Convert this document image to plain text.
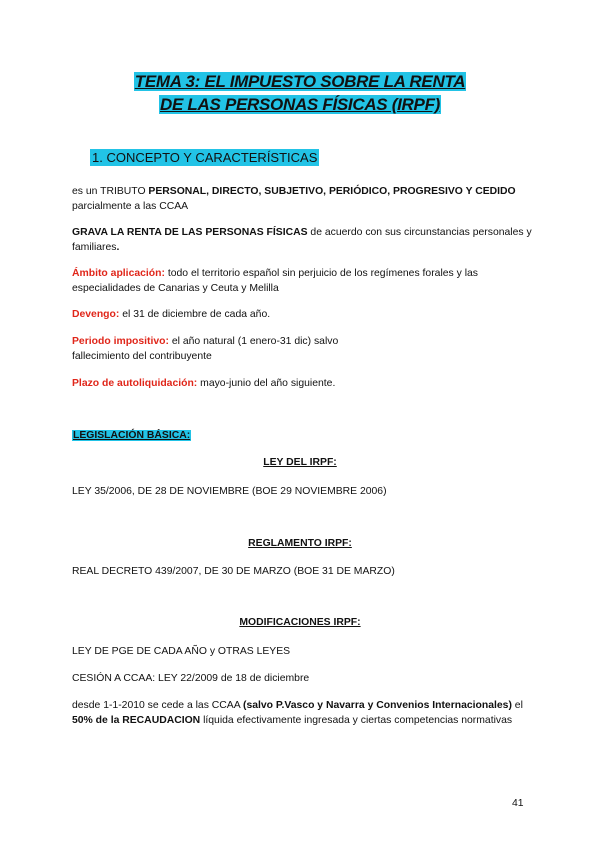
TEMA 3: EL IMPUESTO SOBRE LA RENTA
DE LAS PERSONAS FÍSICAS (IRPF)
1. CONCEPTO Y CARACTERÍSTICAS
es un TRIBUTO PERSONAL, DIRECTO, SUBJETIVO, PERIÓDICO, PROGRESIVO Y CEDIDO parcialmente a las CCAA
GRAVA LA RENTA DE LAS PERSONAS FÍSICAS de acuerdo con sus circunstancias personales y familiares.
Ámbito aplicación: todo el territorio español sin perjuicio de los regímenes forales y las especialidades de Canarias y Ceuta y Melilla
Devengo: el 31 de diciembre de cada año.
Periodo impositivo: el año natural (1 enero-31 dic) salvo
fallecimiento del contribuyente
Plazo de autoliquidación: mayo-junio del año siguiente.
LEGISLACIÓN BÁSICA:
LEY DEL IRPF:
LEY 35/2006, DE 28 DE NOVIEMBRE (BOE 29 NOVIEMBRE 2006)
REGLAMENTO IRPF:
REAL DECRETO 439/2007, DE 30 DE MARZO (BOE 31 DE MARZO)
MODIFICACIONES IRPF:
LEY DE PGE DE CADA AÑO y OTRAS LEYES
CESIÓN A CCAA: LEY 22/2009 de 18 de diciembre
desde 1-1-2010 se cede a las CCAA (salvo P.Vasco y Navarra y Convenios Internacionales) el 50% de la RECAUDACION líquida efectivamente ingresada y ciertas competencias normativas
41
